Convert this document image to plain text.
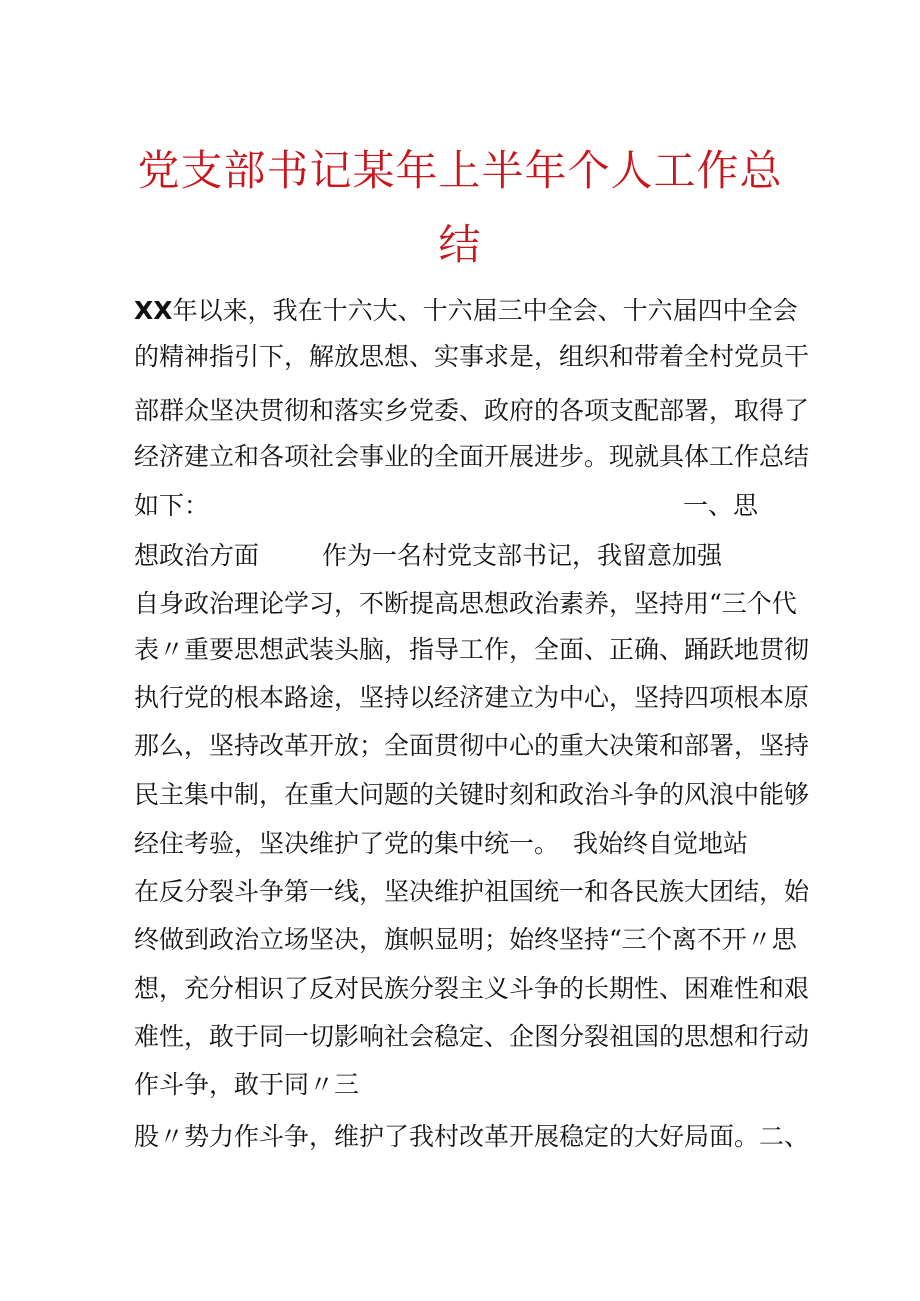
党支部书记某年上半年个人工作总
结
XX年以来，我在十六大、十六届三中全会、十六届四中全会
的精神指引下，解放思想、实事求是，组织和带着全村党员干
部群众坚决贯彻和落实乡党委、政府的各项支配部署，取得了
经济建立和各项社会事业的全面开展进步。现就具体工作总结
如下：	一、思
想政治方面	作为一名村党支部书记，我留意加强
自身政治理论学习，不断提高思想政治素养，坚持用“三个代
表〃重要思想武装头脑，指导工作，全面、正确、踊跃地贯彻
执行党的根本路途，坚持以经济建立为中心，坚持四项根本原
那么，坚持改革开放；全面贯彻中心的重大决策和部署，坚持
民主集中制，在重大问题的关键时刻和政治斗争的风浪中能够
经住考验，坚决维护了党的集中统一。 我始终自觉地站
在反分裂斗争第一线，坚决维护祖国统一和各民族大团结，始
终做到政治立场坚决，旗帜显明；始终坚持“三个离不开〃思
想，充分相识了反对民族分裂主义斗争的长期性、困难性和艰
难性，敢于同一切影响社会稳定、企图分裂祖国的思想和行动
作斗争，敢于同〃三
股〃势力作斗争，维护了我村改革开展稳定的大好局面。二、
